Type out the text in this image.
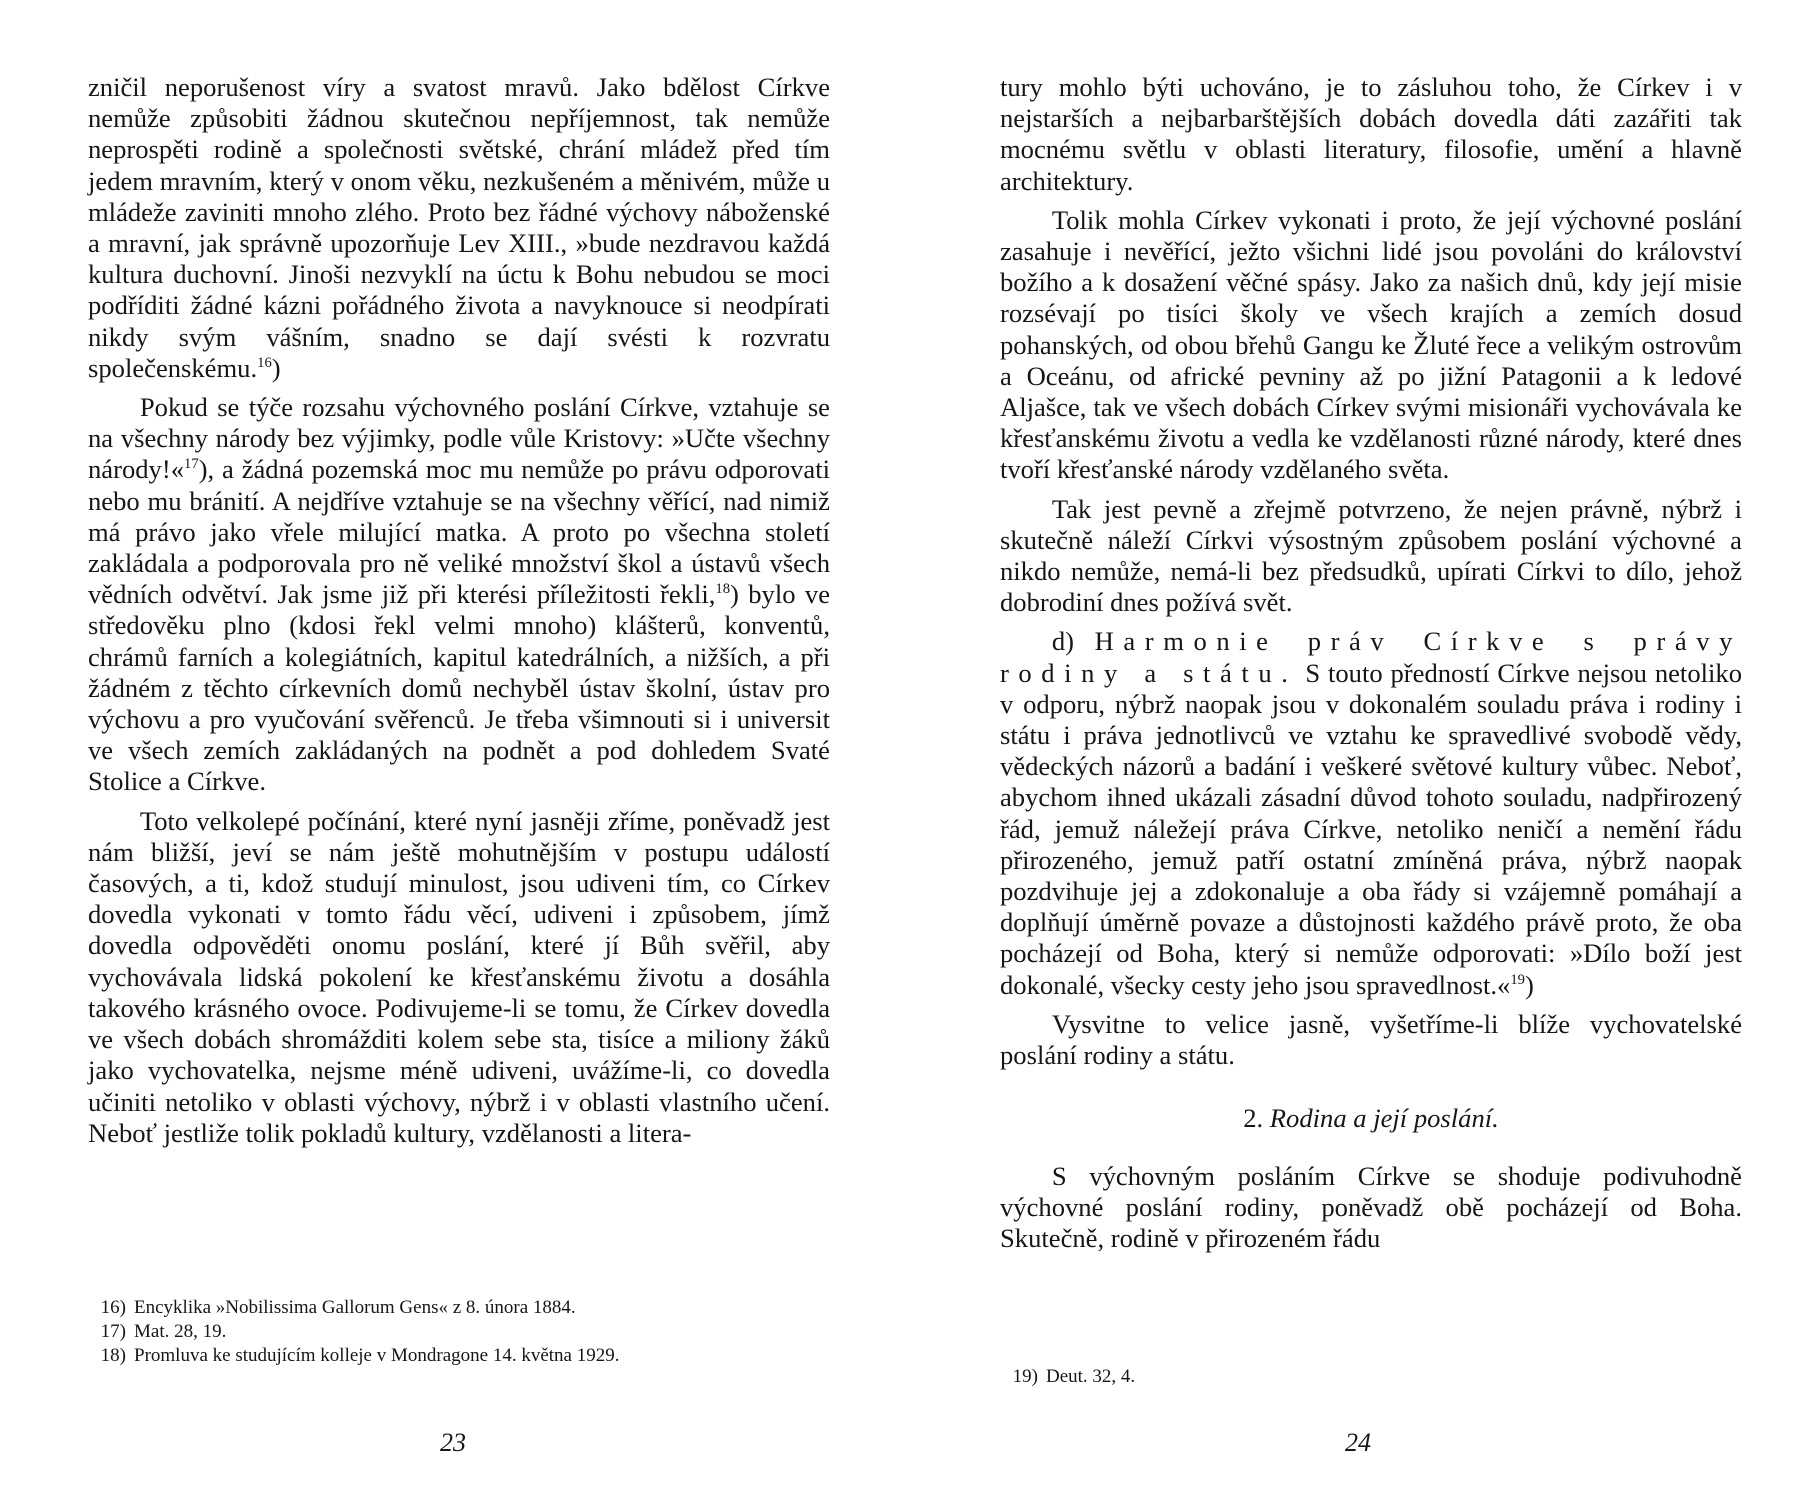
zničil neporušenost víry a svatost mravů. Jako bdělost Církve nemůže způsobiti žádnou skutečnou nepříjemnost, tak nemůže neprospěti rodině a společnosti světské, chrání mládež před tím jedem mravním, který v onom věku, nezkušeném a měnivém, může u mládeže zaviniti mnoho zlého. Proto bez řádné výchovy náboženské a mravní, jak správně upozorňuje Lev XIII., »bude nezdravou každá kultura duchovní. Jinoši nezvyklí na úctu k Bohu nebudou se moci podříditi žádné kázni pořádného života a navyknouce si neodpírati nikdy svým vášním, snadno se dají svésti k rozvratu společenskému.$^{16}$)

Pokud se týče rozsahu výchovného poslání Církve, vztahuje se na všechny národy bez výjimky, podle vůle Kristovy: »Učte všechny národy!«$^{17}$), a žádná pozemská moc mu nemůže po právu odporovati nebo mu bránití. A nejdříve vztahuje se na všechny věřící, nad nimiž má právo jako vřele milující matka. A proto po všechna století zakládala a podporovala pro ně veliké množství škol a ústavů všech vědních odvětví. Jak jsme již při kterési příležitosti řekli,$^{18}$) bylo ve středověku plno (kdosi řekl velmi mnoho) klášterů, konventů, chrámů farních a kolegiátních, kapitul katedrálních, a nižších, a při žádném z těchto církevních domů nechyběl ústav školní, ústav pro výchovu a pro vyučování svěřenců. Je třeba všimnouti si i universit ve všech zemích zakládaných na podnět a pod dohledem Svaté Stolice a Církve.

Toto velkolepé počínání, které nyní jasněji zříme, poněvadž jest nám bližší, jeví se nám ještě mohutnějším v postupu událostí časových, a ti, kdož studují minulost, jsou udiveni tím, co Církev dovedla vykonati v tomto řádu věcí, udiveni i způsobem, jímž dovedla odpověděti onomu poslání, které jí Bůh svěřil, aby vychovávala lidská pokolení ke křesťanskému životu a dosáhla takového krásného ovoce. Podivujeme-li se tomu, že Církev dovedla ve všech dobách shromážditi kolem sebe sta, tisíce a miliony žáků jako vychovatelka, nejsme méně udiveni, uvážíme-li, co dovedla učiniti netoliko v oblasti výchovy, nýbrž i v oblasti vlastního učení. Neboť jestliže tolik pokladů kultury, vzdělanosti a litera-

16) Encyklika »Nobilissima Gallorum Gens« z 8. února 1884.

17) Mat. 28, 19.

18) Promluva ke studujícím kolleje v Mondragone 14. května 1929.

23

tury mohlo býti uchováno, je to zásluhou toho, že Církev i v nejstarších a nejbarbarštějších dobách dovedla dáti zazářiti tak mocnému světlu v oblasti literatury, filosofie, umění a hlavně architektury.

Tolik mohla Církev vykonati i proto, že její výchovné poslání zasahuje i nevěřící, ježto všichni lidé jsou povoláni do království božího a k dosažení věčné spásy. Jako za našich dnů, kdy její misie rozsévají po tisíci školy ve všech krajích a zemích dosud pohanských, od obou břehů Gangu ke Žluté řece a velikým ostrovům a Oceánu, od africké pevniny až po jižní Patagonii a k ledové Aljašce, tak ve všech dobách Církev svými misionáři vychovávala ke křesťanskému životu a vedla ke vzdělanosti různé národy, které dnes tvoří křesťanské národy vzdělaného světa.

Tak jest pevně a zřejmě potvrzeno, že nejen právně, nýbrž i skutečně náleží Církvi výsostným způsobem poslání výchovné a nikdo nemůže, nemá-li bez předsudků, upírati Církvi to dílo, jehož dobrodiní dnes požívá svět.

d) Harmonie práv Církve s právy rodiny a státu. S touto předností Církve nejsou netoliko v odporu, nýbrž naopak jsou v dokonalém souladu práva i rodiny i státu i práva jednotlivců ve vztahu ke spravedlivé svobodě vědy, vědeckých názorů a badání i veškeré světové kultury vůbec. Neboť, abychom ihned ukázali zásadní důvod tohoto souladu, nadpřirozený řád, jemuž náležejí práva Církve, netoliko neničí a nemění řádu přirozeného, jemuž patří ostatní zmíněná práva, nýbrž naopak pozdvihuje jej a zdokonaluje a oba řády si vzájemně pomáhají a doplňují úměrně povaze a důstojnosti každého právě proto, že oba pocházejí od Boha, který si nemůže odporovati: »Dílo boží jest dokonalé, všecky cesty jeho jsou spravedlnost.«$^{19}$)

Vysvitne to velice jasně, vyšetříme-li blíže vychovatelské poslání rodiny a státu.

2. Rodina a její poslání.

S výchovným posláním Církve se shoduje podivuhodně výchovné poslání rodiny, poněvadž obě pocházejí od Boha. Skutečně, rodině v přirozeném řádu

19) Deut. 32, 4.

24
